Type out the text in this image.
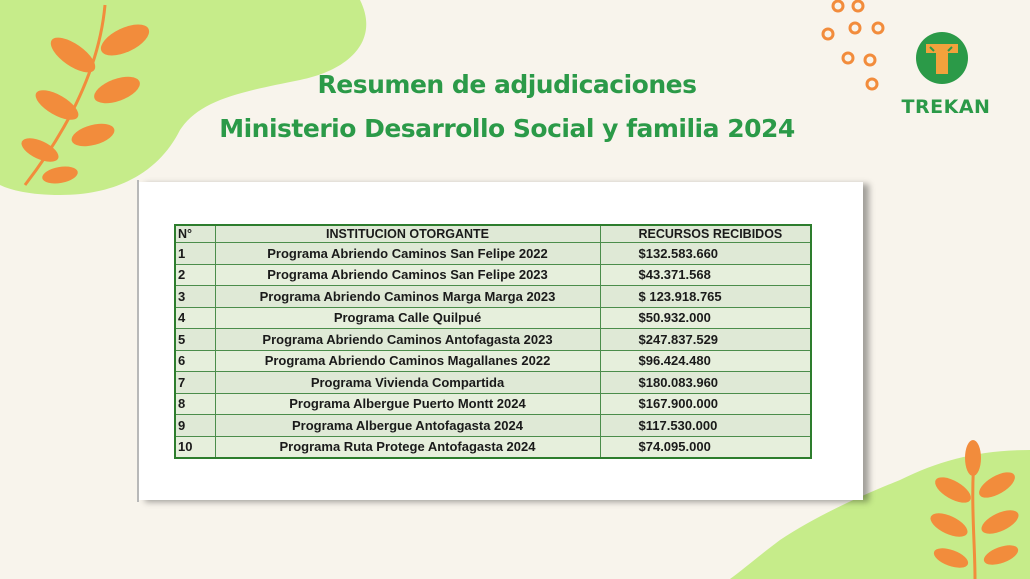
TREKAN
Resumen de adjudicaciones
Ministerio Desarrollo Social y familia 2024
N°	INSTITUCION OTORGANTE	RECURSOS RECIBIDOS
1	Programa Abriendo Caminos San Felipe 2022	$132.583.660
2	Programa Abriendo Caminos San Felipe 2023	$43.371.568
3	Programa Abriendo Caminos Marga Marga 2023	$ 123.918.765
4	Programa Calle Quilpué	$50.932.000
5	Programa Abriendo Caminos Antofagasta 2023	$247.837.529
6	Programa Abriendo Caminos Magallanes 2022	$96.424.480
7	Programa Vivienda Compartida	$180.083.960
8	Programa Albergue Puerto Montt 2024	$167.900.000
9	Programa Albergue Antofagasta 2024	$117.530.000
10	Programa Ruta Protege Antofagasta 2024	$74.095.000
